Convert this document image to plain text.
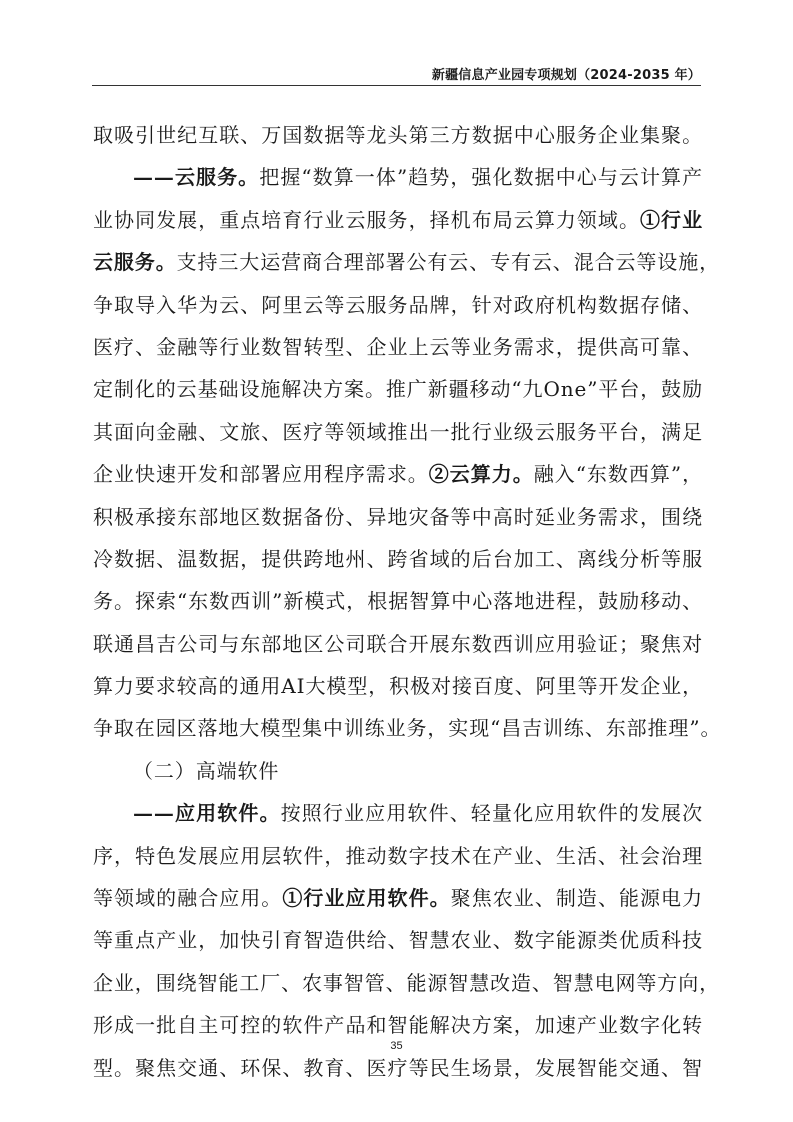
新疆信息产业园专项规划（2024-2035 年）
取吸引世纪互联、万国数据等龙头第三方数据中心服务企业集聚。
——云服务。把握“数算一体”趋势，强化数据中心与云计算产
业协同发展，重点培育行业云服务，择机布局云算力领域。①行业
云服务。支持三大运营商合理部署公有云、专有云、混合云等设施，
争取导入华为云、阿里云等云服务品牌，针对政府机构数据存储、
医疗、金融等行业数智转型、企业上云等业务需求，提供高可靠、
定制化的云基础设施解决方案。推广新疆移动“九One”平台，鼓励
其面向金融、文旅、医疗等领域推出一批行业级云服务平台，满足
企业快速开发和部署应用程序需求。②云算力。融入“东数西算”，
积极承接东部地区数据备份、异地灾备等中高时延业务需求，围绕
冷数据、温数据，提供跨地州、跨省域的后台加工、离线分析等服
务。探索“东数西训”新模式，根据智算中心落地进程，鼓励移动、
联通昌吉公司与东部地区公司联合开展东数西训应用验证；聚焦对
算力要求较高的通用AI大模型，积极对接百度、阿里等开发企业，
争取在园区落地大模型集中训练业务，实现“昌吉训练、东部推理”。
（二）高端软件
——应用软件。按照行业应用软件、轻量化应用软件的发展次
序，特色发展应用层软件，推动数字技术在产业、生活、社会治理
等领域的融合应用。①行业应用软件。聚焦农业、制造、能源电力
等重点产业，加快引育智造供给、智慧农业、数字能源类优质科技
企业，围绕智能工厂、农事智管、能源智慧改造、智慧电网等方向，
形成一批自主可控的软件产品和智能解决方案，加速产业数字化转
型。聚焦交通、环保、教育、医疗等民生场景，发展智能交通、智
35
